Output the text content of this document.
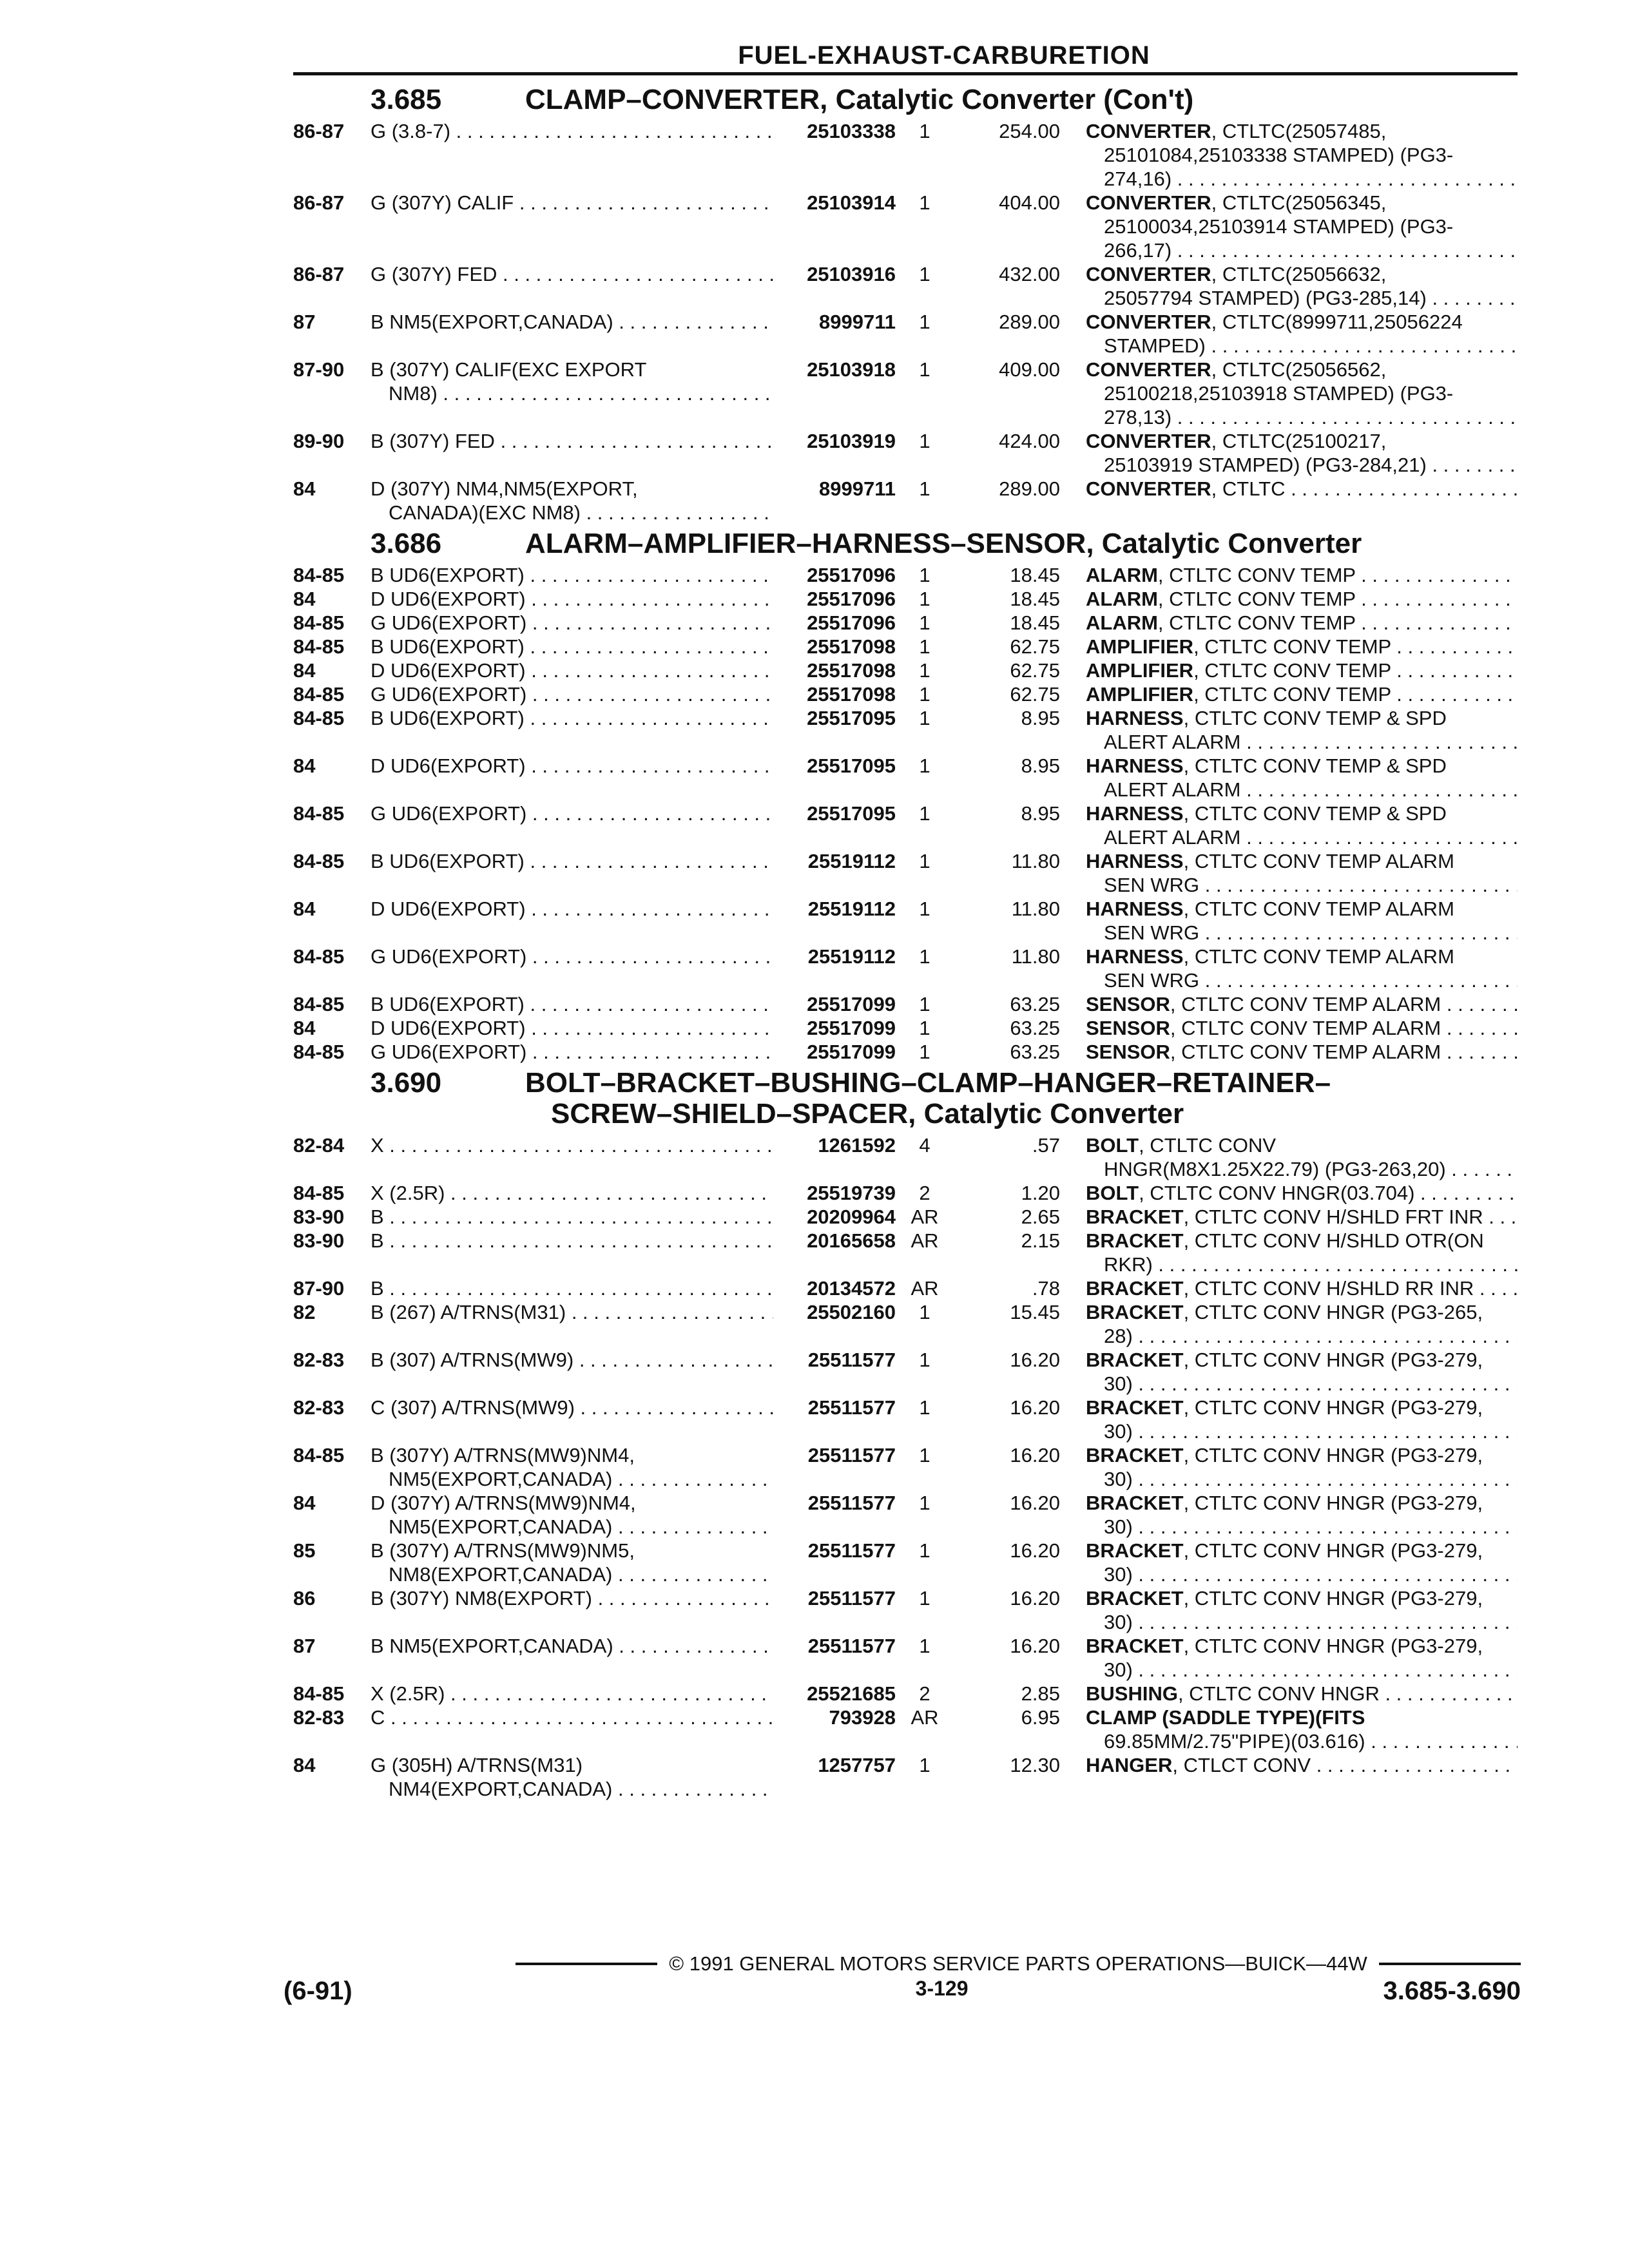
FUEL-EXHAUST-CARBURETION
3.685	CLAMP–CONVERTER, Catalytic Converter (Con't)
86-87	G (3.8-7) . . .	25103338	1	254.00	CONVERTER, CTLTC(25057485,
25101084,25103338 STAMPED) (PG3-
274,16) . . .
86-87	G (307Y) CALIF . . .	25103914	1	404.00	CONVERTER, CTLTC(25056345,
25100034,25103914 STAMPED) (PG3-
266,17) . . .
86-87	G (307Y) FED . . .	25103916	1	432.00	CONVERTER, CTLTC(25056632,
25057794 STAMPED) (PG3-285,14) . . .
87	B NM5(EXPORT,CANADA) . . .	8999711	1	289.00	CONVERTER, CTLTC(8999711,25056224
STAMPED) . . .
87-90	B (307Y) CALIF(EXC EXPORT
NM8) . . .
25103918	1	409.00	CONVERTER, CTLTC(25056562,
25100218,25103918 STAMPED) (PG3-
278,13) . . .
89-90	B (307Y) FED . . .	25103919	1	424.00	CONVERTER, CTLTC(25100217,
25103919 STAMPED) (PG3-284,21) . . .
84	D (307Y) NM4,NM5(EXPORT,
CANADA)(EXC NM8) . . .
8999711	1	289.00	CONVERTER, CTLTC . . .
3.686	ALARM–AMPLIFIER–HARNESS–SENSOR, Catalytic Converter
84-85	B UD6(EXPORT) . . .	25517096	1	18.45	ALARM, CTLTC CONV TEMP . . .
84	D UD6(EXPORT) . . .	25517096	1	18.45	ALARM, CTLTC CONV TEMP . . .
84-85	G UD6(EXPORT) . . .	25517096	1	18.45	ALARM, CTLTC CONV TEMP . . .
84-85	B UD6(EXPORT) . . .	25517098	1	62.75	AMPLIFIER, CTLTC CONV TEMP . . .
84	D UD6(EXPORT) . . .	25517098	1	62.75	AMPLIFIER, CTLTC CONV TEMP . . .
84-85	G UD6(EXPORT) . . .	25517098	1	62.75	AMPLIFIER, CTLTC CONV TEMP . . .
84-85	B UD6(EXPORT) . . .	25517095	1	8.95	HARNESS, CTLTC CONV TEMP & SPD
ALERT ALARM . . .
84	D UD6(EXPORT) . . .	25517095	1	8.95	HARNESS, CTLTC CONV TEMP & SPD
ALERT ALARM . . .
84-85	G UD6(EXPORT) . . .	25517095	1	8.95	HARNESS, CTLTC CONV TEMP & SPD
ALERT ALARM . . .
84-85	B UD6(EXPORT) . . .	25519112	1	11.80	HARNESS, CTLTC CONV TEMP ALARM
SEN WRG . . .
84	D UD6(EXPORT) . . .	25519112	1	11.80	HARNESS, CTLTC CONV TEMP ALARM
SEN WRG . . .
84-85	G UD6(EXPORT) . . .	25519112	1	11.80	HARNESS, CTLTC CONV TEMP ALARM
SEN WRG . . .
84-85	B UD6(EXPORT) . . .	25517099	1	63.25	SENSOR, CTLTC CONV TEMP ALARM . . .
84	D UD6(EXPORT) . . .	25517099	1	63.25	SENSOR, CTLTC CONV TEMP ALARM . . .
84-85	G UD6(EXPORT) . . .	25517099	1	63.25	SENSOR, CTLTC CONV TEMP ALARM . . .
3.690	BOLT–BRACKET–BUSHING–CLAMP–HANGER–RETAINER–
SCREW–SHIELD–SPACER, Catalytic Converter
82-84	X . . .	1261592	4	.57	BOLT, CTLTC CONV
HNGR(M8X1.25X22.79) (PG3-263,20) . . .
84-85	X (2.5R) . . .	25519739	2	1.20	BOLT, CTLTC CONV HNGR(03.704) . . .
83-90	B . . .	20209964 AR	2.65	BRACKET, CTLTC CONV H/SHLD FRT INR . . .
83-90	B . . .	20165658 AR	2.15	BRACKET, CTLTC CONV H/SHLD OTR(ON
RKR) . . .
87-90	B . . .	20134572 AR	.78	BRACKET, CTLTC CONV H/SHLD RR INR . . .
82	B (267) A/TRNS(M31) . . .	25502160	1	15.45	BRACKET, CTLTC CONV HNGR (PG3-265,
28) . . .
82-83	B (307) A/TRNS(MW9) . . .	25511577	1	16.20	BRACKET, CTLTC CONV HNGR (PG3-279,
30) . . .
82-83	C (307) A/TRNS(MW9) . . .	25511577	1	16.20	BRACKET, CTLTC CONV HNGR (PG3-279,
30) . . .
84-85	B (307Y) A/TRNS(MW9)NM4,
NM5(EXPORT,CANADA) . . .
25511577	1	16.20	BRACKET, CTLTC CONV HNGR (PG3-279,
30) . . .
84	D (307Y) A/TRNS(MW9)NM4,
NM5(EXPORT,CANADA) . . .
25511577	1	16.20	BRACKET, CTLTC CONV HNGR (PG3-279,
30) . . .
85	B (307Y) A/TRNS(MW9)NM5,
NM8(EXPORT,CANADA) . . .
25511577	1	16.20	BRACKET, CTLTC CONV HNGR (PG3-279,
30) . . .
86	B (307Y) NM8(EXPORT) . . .	25511577	1	16.20	BRACKET, CTLTC CONV HNGR (PG3-279,
30) . . .
87	B NM5(EXPORT,CANADA) . . .	25511577	1	16.20	BRACKET, CTLTC CONV HNGR (PG3-279,
30) . . .
84-85	X (2.5R) . . .	25521685	2	2.85	BUSHING, CTLTC CONV HNGR . . .
82-83	C . . .	793928 AR	6.95	CLAMP (SADDLE TYPE)(FITS
69.85MM/2.75"PIPE)(03.616) . . .
84	G (305H) A/TRNS(M31)
NM4(EXPORT,CANADA) . . .
1257757	1	12.30	HANGER, CTLCT CONV . . .
© 1991 GENERAL MOTORS SERVICE PARTS OPERATIONS—BUICK—44W
(6-91)	3-129	3.685-3.690
